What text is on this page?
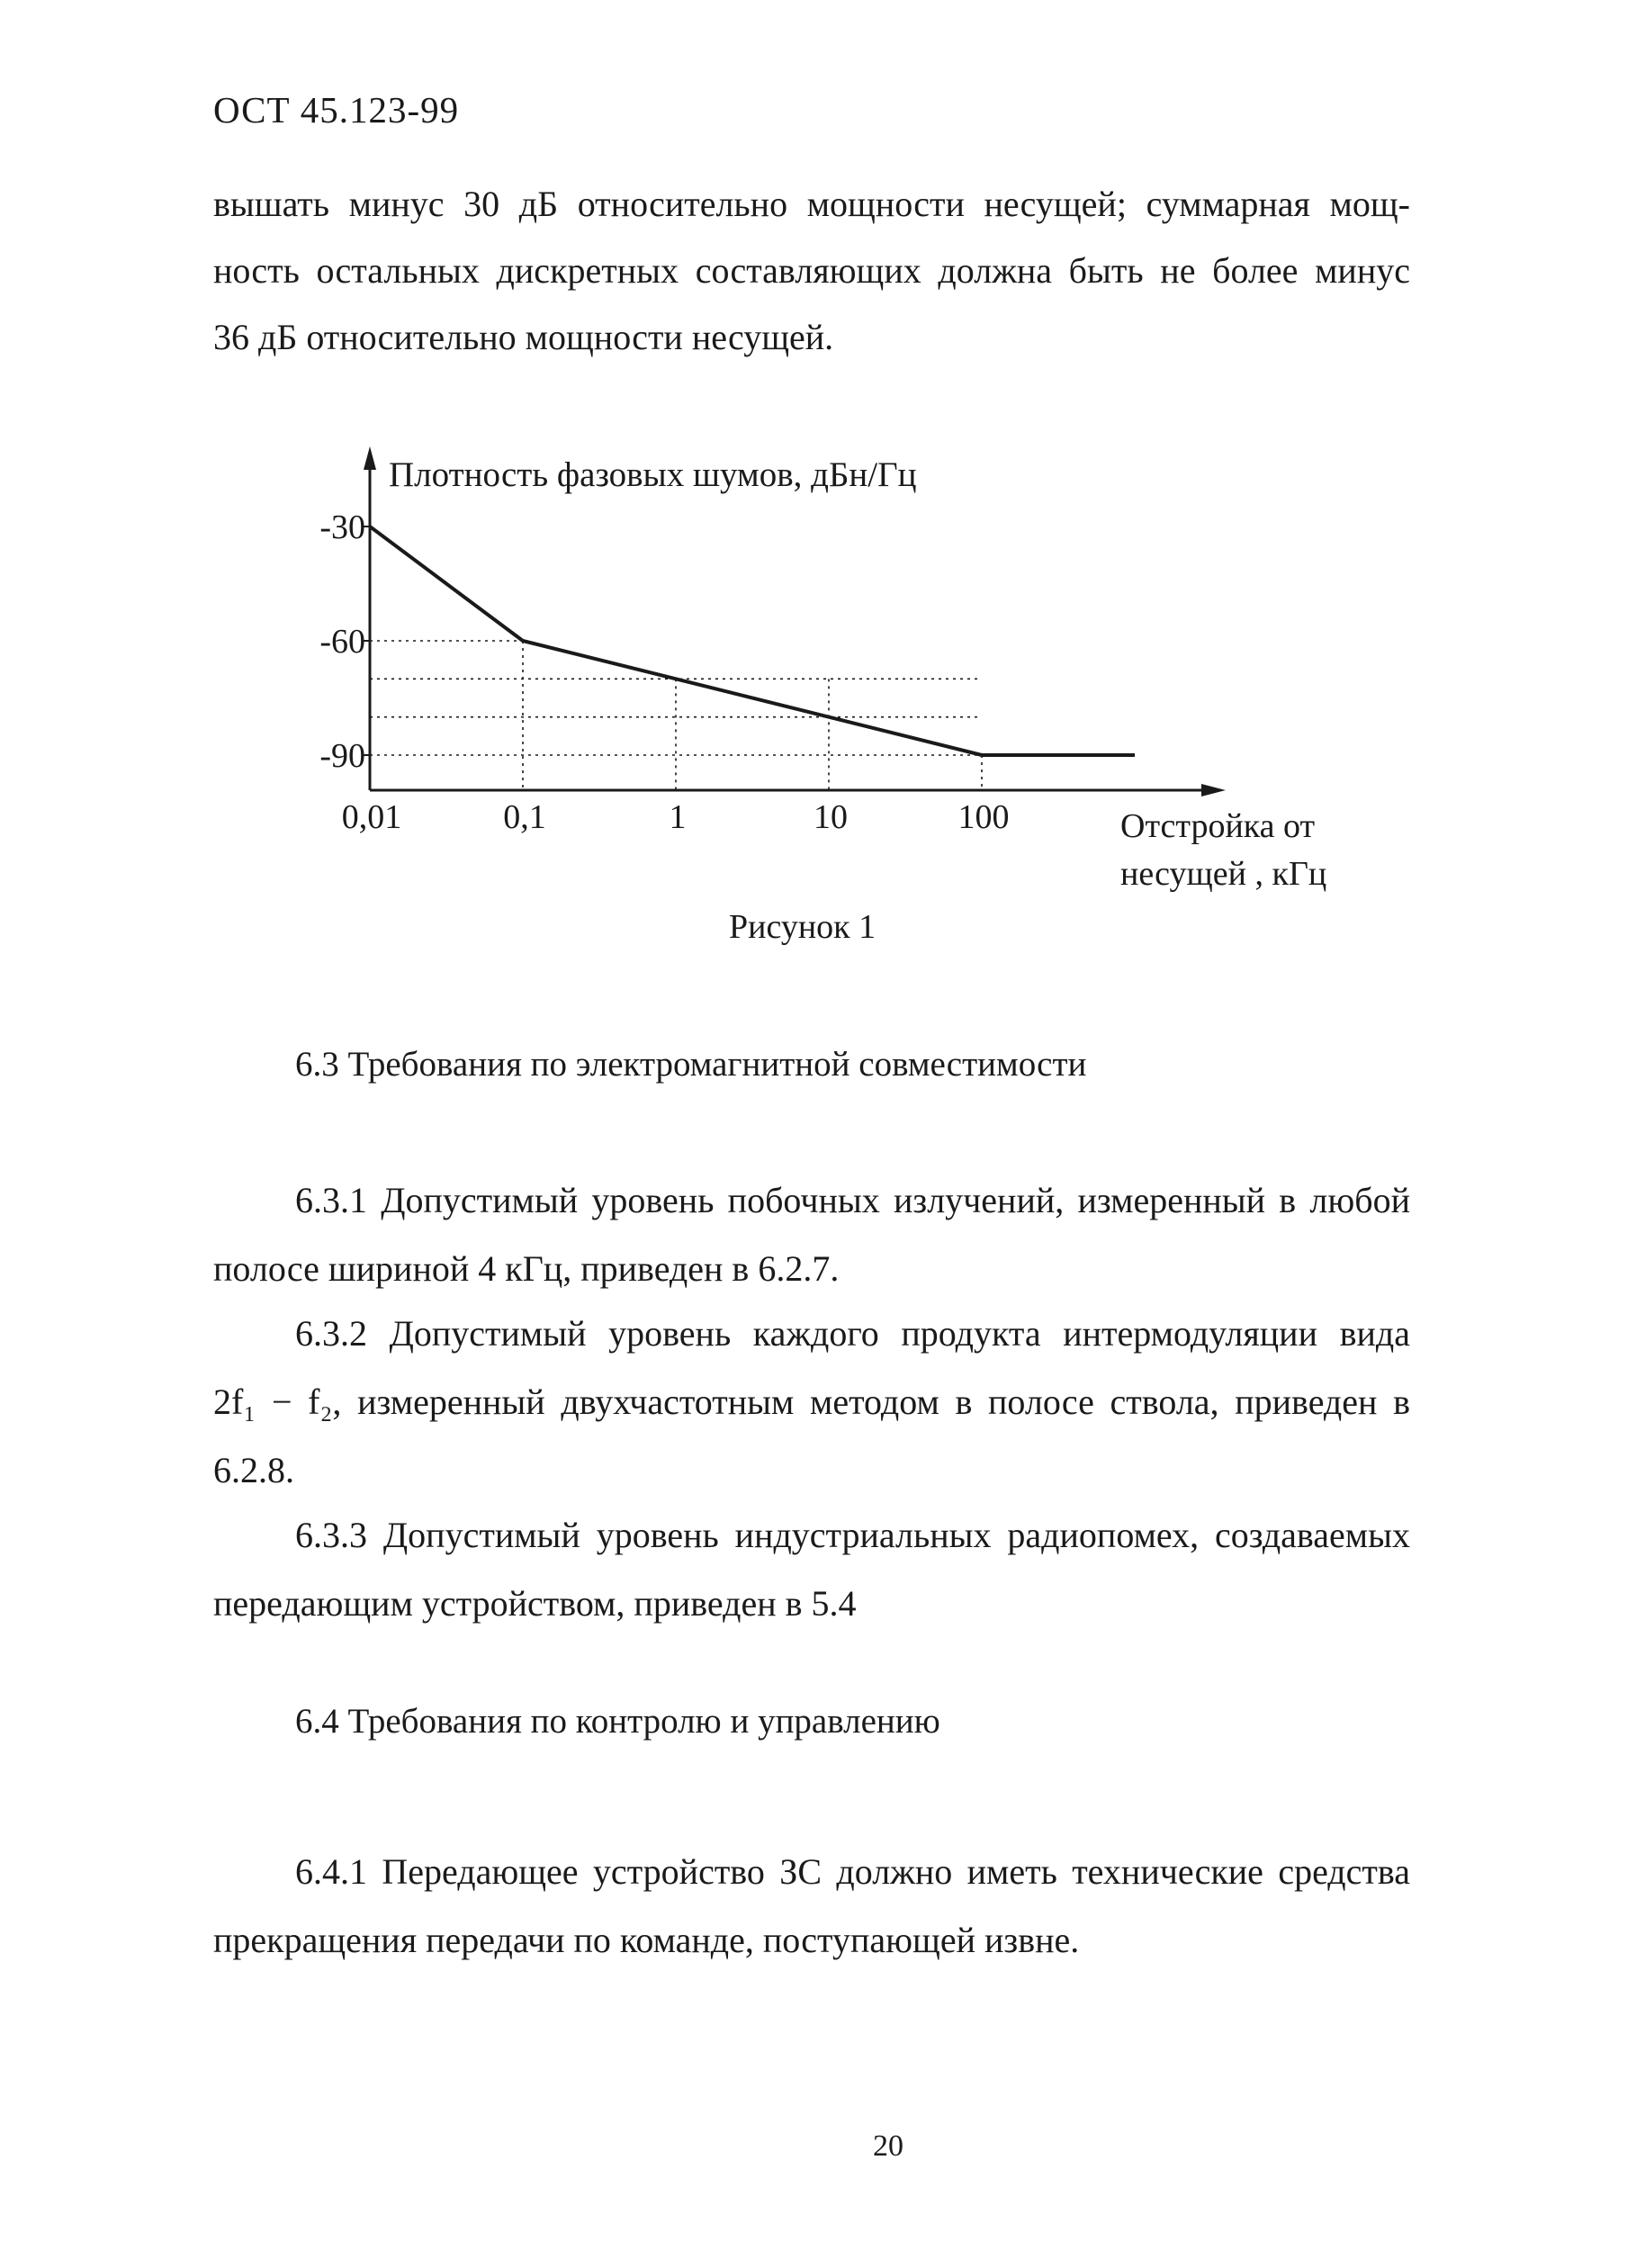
ОСТ 45.123-99
вышать минус 30 дБ относительно мощности несущей; суммарная мощ-
ность остальных дискретных составляющих должна быть не более минус
36 дБ относительно мощности несущей.
-30
-60
-90
0,01	0,1	1	10	100
Плотность фазовых шумов, дБн/Гц
Отстройка от
несущей , кГц
Рисунок 1
6.3 Требования по электромагнитной совместимости
6.3.1 Допустимый уровень побочных излучений, измеренный в любой
полосе шириной 4 кГц, приведен в 6.2.7.
6.3.2 Допустимый уровень каждого продукта интермодуляции вида
2f₁ − f₂, измеренный двухчастотным методом в полосе ствола, приведен в
6.2.8.
6.3.3 Допустимый уровень индустриальных радиопомех, создаваемых
передающим устройством, приведен в 5.4
6.4 Требования по контролю и управлению
6.4.1 Передающее устройство ЗС должно иметь технические средства
прекращения передачи по команде, поступающей извне.
20
